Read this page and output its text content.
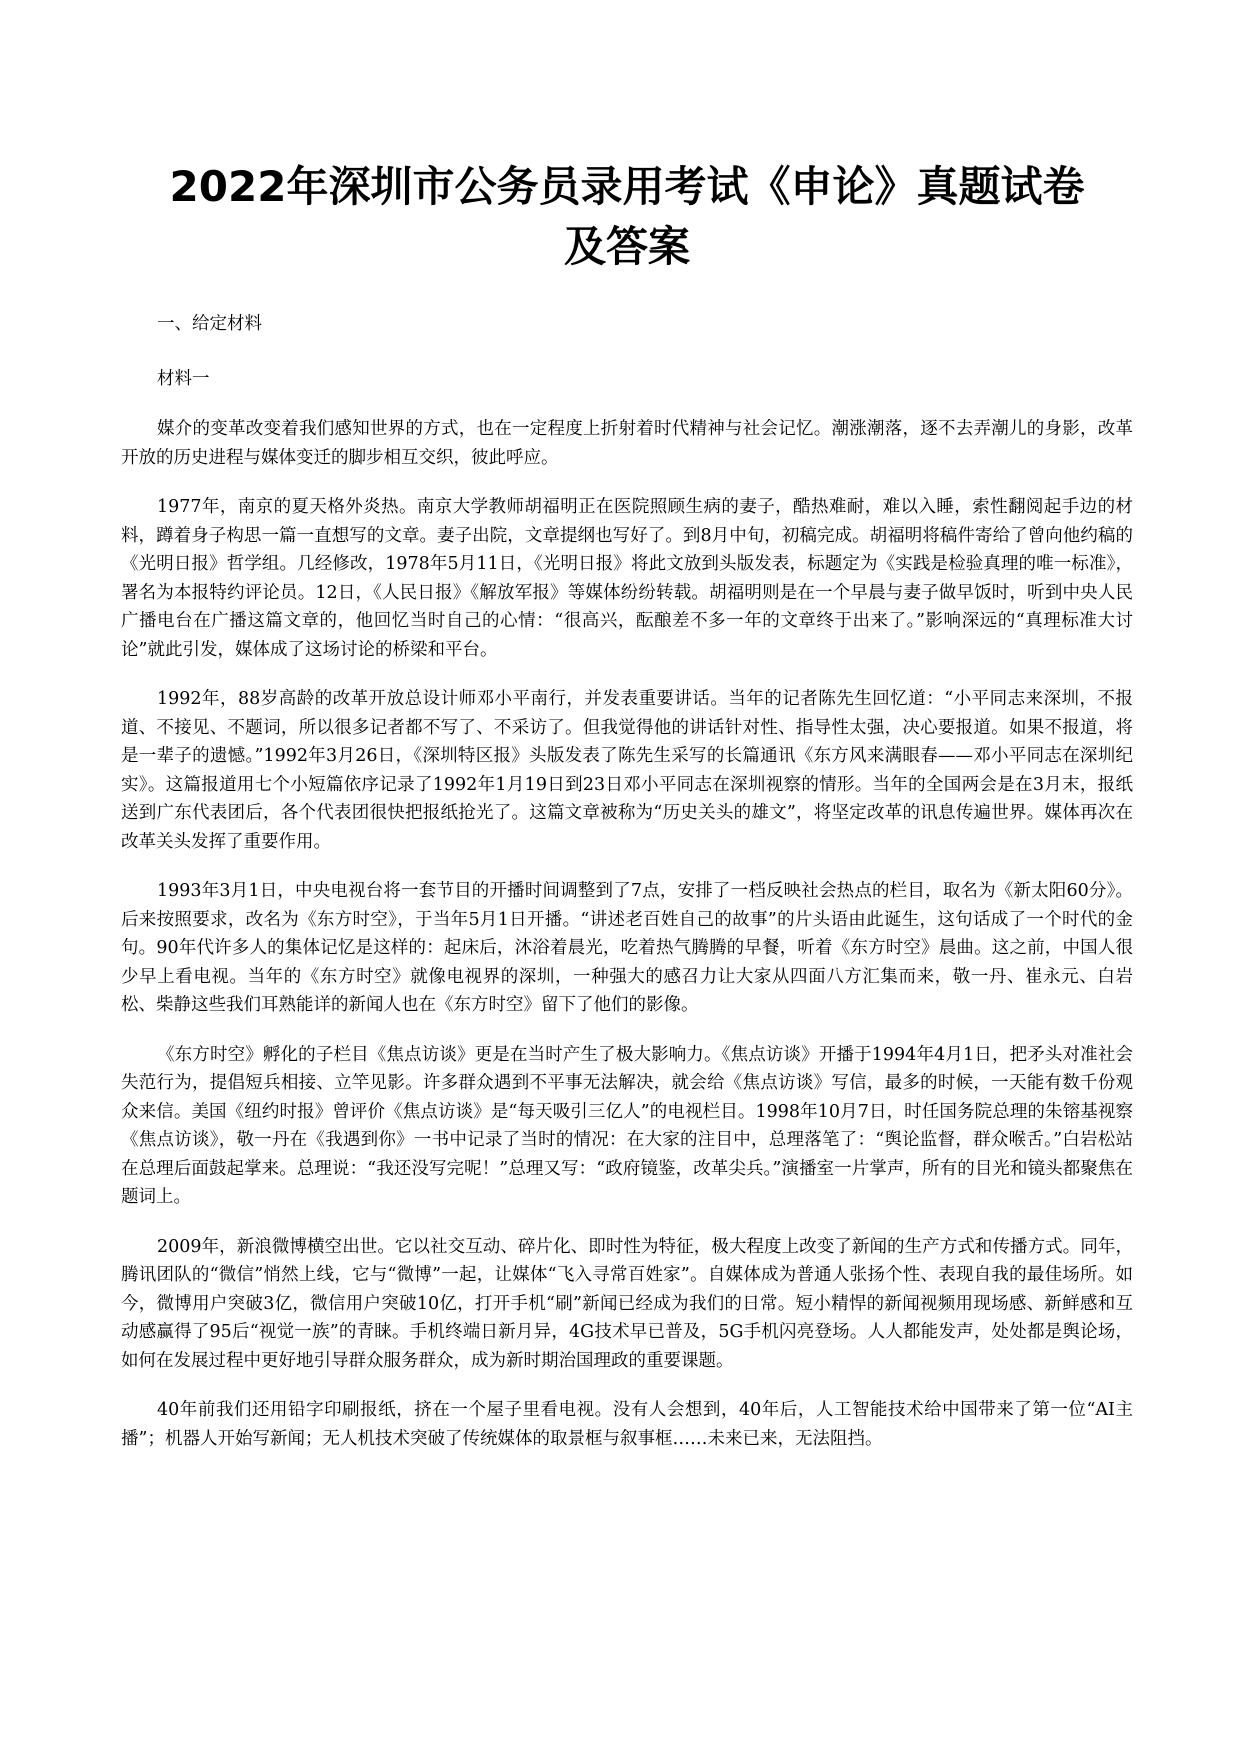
2022年深圳市公务员录用考试《申论》真题试卷
及答案

一、给定材料

材料一

媒介的变革改变着我们感知世界的方式，也在一定程度上折射着时代精神与社会记忆。潮涨潮落，逐不去弄潮儿的身影，改革开放的历史进程与媒体变迁的脚步相互交织，彼此呼应。

1977年，南京的夏天格外炎热。南京大学教师胡福明正在医院照顾生病的妻子，酷热难耐，难以入睡，索性翻阅起手边的材料，蹲着身子构思一篇一直想写的文章。妻子出院，文章提纲也写好了。到8月中旬，初稿完成。胡福明将稿件寄给了曾向他约稿的《光明日报》哲学组。几经修改，1978年5月11日，《光明日报》将此文放到头版发表，标题定为《实践是检验真理的唯一标准》，署名为本报特约评论员。12日，《人民日报》《解放军报》等媒体纷纷转载。胡福明则是在一个早晨与妻子做早饭时，听到中央人民广播电台在广播这篇文章的，他回忆当时自己的心情：“很高兴，酝酿差不多一年的文章终于出来了。”影响深远的“真理标准大讨论”就此引发，媒体成了这场讨论的桥梁和平台。

1992年，88岁高龄的改革开放总设计师邓小平南行，并发表重要讲话。当年的记者陈先生回忆道：“小平同志来深圳，不报道、不接见、不题词，所以很多记者都不写了、不采访了。但我觉得他的讲话针对性、指导性太强，决心要报道。如果不报道，将是一辈子的遗憾。”1992年3月26日，《深圳特区报》头版发表了陈先生采写的长篇通讯《东方风来满眼春——邓小平同志在深圳纪实》。这篇报道用七个小短篇依序记录了1992年1月19日到23日邓小平同志在深圳视察的情形。当年的全国两会是在3月末，报纸送到广东代表团后，各个代表团很快把报纸抢光了。这篇文章被称为“历史关头的雄文”，将坚定改革的讯息传遍世界。媒体再次在改革关头发挥了重要作用。

1993年3月1日，中央电视台将一套节目的开播时间调整到了7点，安排了一档反映社会热点的栏目，取名为《新太阳60分》。后来按照要求，改名为《东方时空》，于当年5月1日开播。“讲述老百姓自己的故事”的片头语由此诞生，这句话成了一个时代的金句。90年代许多人的集体记忆是这样的：起床后，沐浴着晨光，吃着热气腾腾的早餐，听着《东方时空》晨曲。这之前，中国人很少早上看电视。当年的《东方时空》就像电视界的深圳，一种强大的感召力让大家从四面八方汇集而来，敬一丹、崔永元、白岩松、柴静这些我们耳熟能详的新闻人也在《东方时空》留下了他们的影像。

《东方时空》孵化的子栏目《焦点访谈》更是在当时产生了极大影响力。《焦点访谈》开播于1994年4月1日，把矛头对准社会失范行为，提倡短兵相接、立竿见影。许多群众遇到不平事无法解决，就会给《焦点访谈》写信，最多的时候，一天能有数千份观众来信。美国《纽约时报》曾评价《焦点访谈》是“每天吸引三亿人”的电视栏目。1998年10月7日，时任国务院总理的朱镕基视察《焦点访谈》，敬一丹在《我遇到你》一书中记录了当时的情况：在大家的注目中，总理落笔了：“舆论监督，群众喉舌。”白岩松站在总理后面鼓起掌来。总理说：“我还没写完呢！”总理又写：“政府镜鉴，改革尖兵。”演播室一片掌声，所有的目光和镜头都聚焦在题词上。

2009年，新浪微博横空出世。它以社交互动、碎片化、即时性为特征，极大程度上改变了新闻的生产方式和传播方式。同年，腾讯团队的“微信”悄然上线，它与“微博”一起，让媒体“飞入寻常百姓家”。自媒体成为普通人张扬个性、表现自我的最佳场所。如今，微博用户突破3亿，微信用户突破10亿，打开手机“刷”新闻已经成为我们的日常。短小精悍的新闻视频用现场感、新鲜感和互动感赢得了95后“视觉一族”的青睐。手机终端日新月异，4G技术早已普及，5G手机闪亮登场。人人都能发声，处处都是舆论场，如何在发展过程中更好地引导群众服务群众，成为新时期治国理政的重要课题。

40年前我们还用铅字印刷报纸，挤在一个屋子里看电视。没有人会想到，40年后，人工智能技术给中国带来了第一位“AI主播”；机器人开始写新闻；无人机技术突破了传统媒体的取景框与叙事框……未来已来，无法阻挡。
